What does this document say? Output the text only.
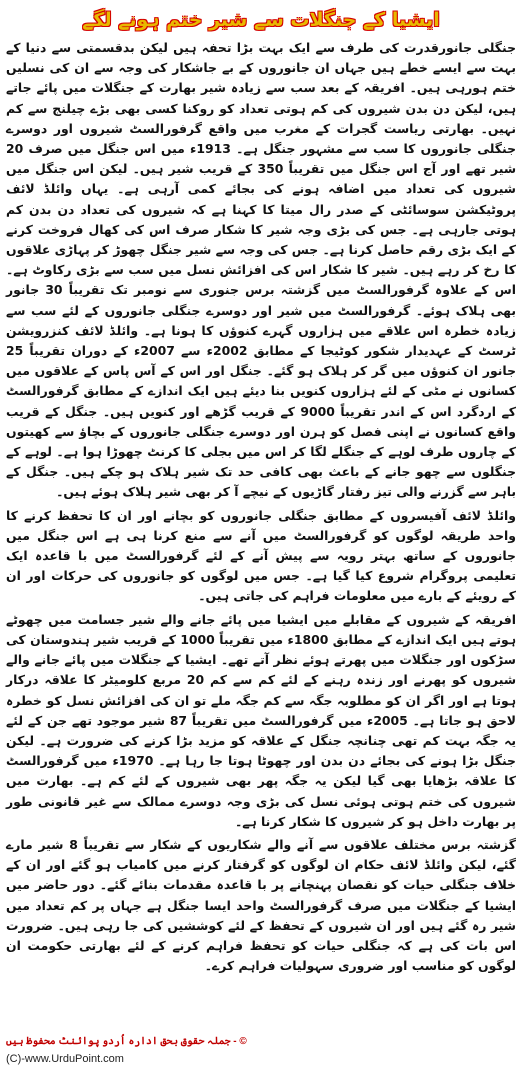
ایشیا کے جنگلات سے شیر ختم ہونے لگے

جنگلی جانورقدرت کی طرف سے ایک بہت بڑا تحفہ ہیں لیکن بدقسمتی سے دنیا کے بہت سے ایسے خطے ہیں جہاں ان جانوروں کے بے جاشکار کی وجہ سے ان کی نسلیں ختم ہورہی ہیں۔ افریقہ کے بعد سب سے زیادہ شیر بھارت کے جنگلات میں پائے جاتے ہیں، لیکن دن بدن شیروں کی کم ہوتی تعداد کو روکنا کسی بھی بڑے چیلنج سے کم نہیں۔ بھارتی ریاست گجرات کے مغرب میں واقع گرفورالسٹ شیروں اور دوسرے جنگلی جانوروں کا سب سے مشہور جنگل ہے۔ 1913ء میں اس جنگل میں صرف 20 شیر تھے اور آج اس جنگل میں تقریباً 350 کے قریب شیر ہیں۔ لیکن اس جنگل میں شیروں کی تعداد میں اضافہ ہونے کی بجائے کمی آرہی ہے۔ یہاں وائلڈ لائف پروٹیکشن سوسائٹی کے صدر رال میتا کا کہنا ہے کہ شیروں کی تعداد دن بدن کم ہوتی جارہی ہے۔ جس کی بڑی وجہ شیر کا شکار صرف اس کی کھال فروخت کرنے کے ایک بڑی رقم حاصل کرنا ہے۔ جس کی وجہ سے شیر جنگل چھوڑ کر پہاڑی علاقوں کا رخ کر رہے ہیں۔ شیر کا شکار اس کی افزائش نسل میں سب سے بڑی رکاوٹ ہے۔ اس کے علاوہ گرفورالسٹ میں گزشتہ برس جنوری سے نومبر تک تقریباً 30 جانور بھی ہلاک ہوئے۔ گرفورالسٹ میں شیر اور دوسرے جنگلی جانوروں کے لئے سب سے زیادہ خطرہ اس علاقے میں ہزاروں گہرے کنوؤں کا ہونا ہے۔ وائلڈ لائف کنزرویشن ٹرسٹ کے عہدیدار شکور کوٹیجا کے مطابق 2002ء سے 2007ء کے دوران تقریباً 25 جانور ان کنوؤں میں گر کر ہلاک ہو گئے۔ جنگل اور اس کے آس پاس کے علاقوں میں کسانوں نے مٹی کے لئے ہزاروں کنویں بنا دیئے ہیں ایک اندازے کے مطابق گرفورالسٹ کے اردگرد اس کے اندر تقریباً 9000 کے قریب گڑھے اور کنویں ہیں۔ جنگل کے قریب واقع کسانوں نے اپنی فصل کو ہرن اور دوسرے جنگلی جانوروں کے بچاؤ سے کھیتوں کے چاروں طرف لوہے کے جنگلے لگا کر اس میں بجلی کا کرنٹ چھوڑا ہوا ہے۔ لوہے کے جنگلوں سے چھو جانے کے باعث بھی کافی حد تک شیر ہلاک ہو چکے ہیں۔ جنگل کے باہر سے گزرنے والی تیز رفتار گاڑیوں کے نیچے آ کر بھی شیر ہلاک ہوئے ہیں۔

وائلڈ لائف آفیسروں کے مطابق جنگلی جانوروں کو بچانے اور ان کا تحفظ کرنے کا واحد طریقہ لوگوں کو گرفورالسٹ میں آنے سے منع کرنا ہی ہے اس جنگل میں جانوروں کے ساتھ بہتر رویہ سے پیش آنے کے لئے گرفورالسٹ میں با قاعدہ ایک تعلیمی پروگرام شروع کیا گیا ہے۔ جس میں لوگوں کو جانوروں کی حرکات اور ان کے رویئے کے بارے میں معلومات فراہم کی جاتی ہیں۔

افریقہ کے شیروں کے مقابلے میں ایشیا میں پائے جانے والے شیر جسامت میں چھوٹے ہوتے ہیں ایک اندازے کے مطابق 1800ء میں تقریباً 1000 کے قریب شیر ہندوستان کی سڑکوں اور جنگلات میں پھرتے ہوئے نظر آتے تھے۔ ایشیا کے جنگلات میں پائے جانے والے شیروں کو پھرنے اور زندہ رہنے کے لئے کم سے کم 20 مربع کلومیٹر کا علاقہ درکار ہوتا ہے اور اگر ان کو مطلوبہ جگہ سے کم جگہ ملے تو ان کی افزائش نسل کو خطرہ لاحق ہو جاتا ہے۔ 2005ء میں گرفورالسٹ میں تقریباً 87 شیر موجود تھے جن کے لئے یہ جگہ بہت کم تھی چنانچہ جنگل کے علاقہ کو مزید بڑا کرنے کی ضرورت ہے۔ لیکن جنگل بڑا ہونے کی بجائے دن بدن اور چھوٹا ہوتا جا رہا ہے۔ 1970ء میں گرفورالسٹ کا علاقہ بڑھایا بھی گیا لیکن یہ جگہ پھر بھی شیروں کے لئے کم ہے۔ بھارت میں شیروں کی ختم ہوتی ہوئی نسل کی بڑی وجہ دوسرے ممالک سے غیر قانونی طور پر بھارت داخل ہو کر شیروں کا شکار کرنا ہے۔

گزشتہ برس مختلف علاقوں سے آنے والے شکاریوں کے شکار سے تقریباً 8 شیر مارے گئے، لیکن وائلڈ لائف حکام ان لوگوں کو گرفتار کرنے میں کامیاب ہو گئے اور ان کے خلاف جنگلی حیات کو نقصان پہنچانے پر با قاعدہ مقدمات بنائے گئے۔ دور حاضر میں ایشیا کے جنگلات میں صرف گرفورالسٹ واحد ایسا جنگل ہے جہاں پر کم تعداد میں شیر رہ گئے ہیں اور ان شیروں کے تحفظ کے لئے کوششیں کی جا رہی ہیں۔ ضرورت اس بات کی ہے کہ جنگلی حیات کو تحفظ فراہم کرنے کے لئے بھارتی حکومت ان لوگوں کو مناسب اور ضروری سہولیات فراہم کرے۔

© - جملہ حقوق بحق ادارہ اُردو پوائنٹ محفوظ ہیں
(C)-www.UrduPoint.com
